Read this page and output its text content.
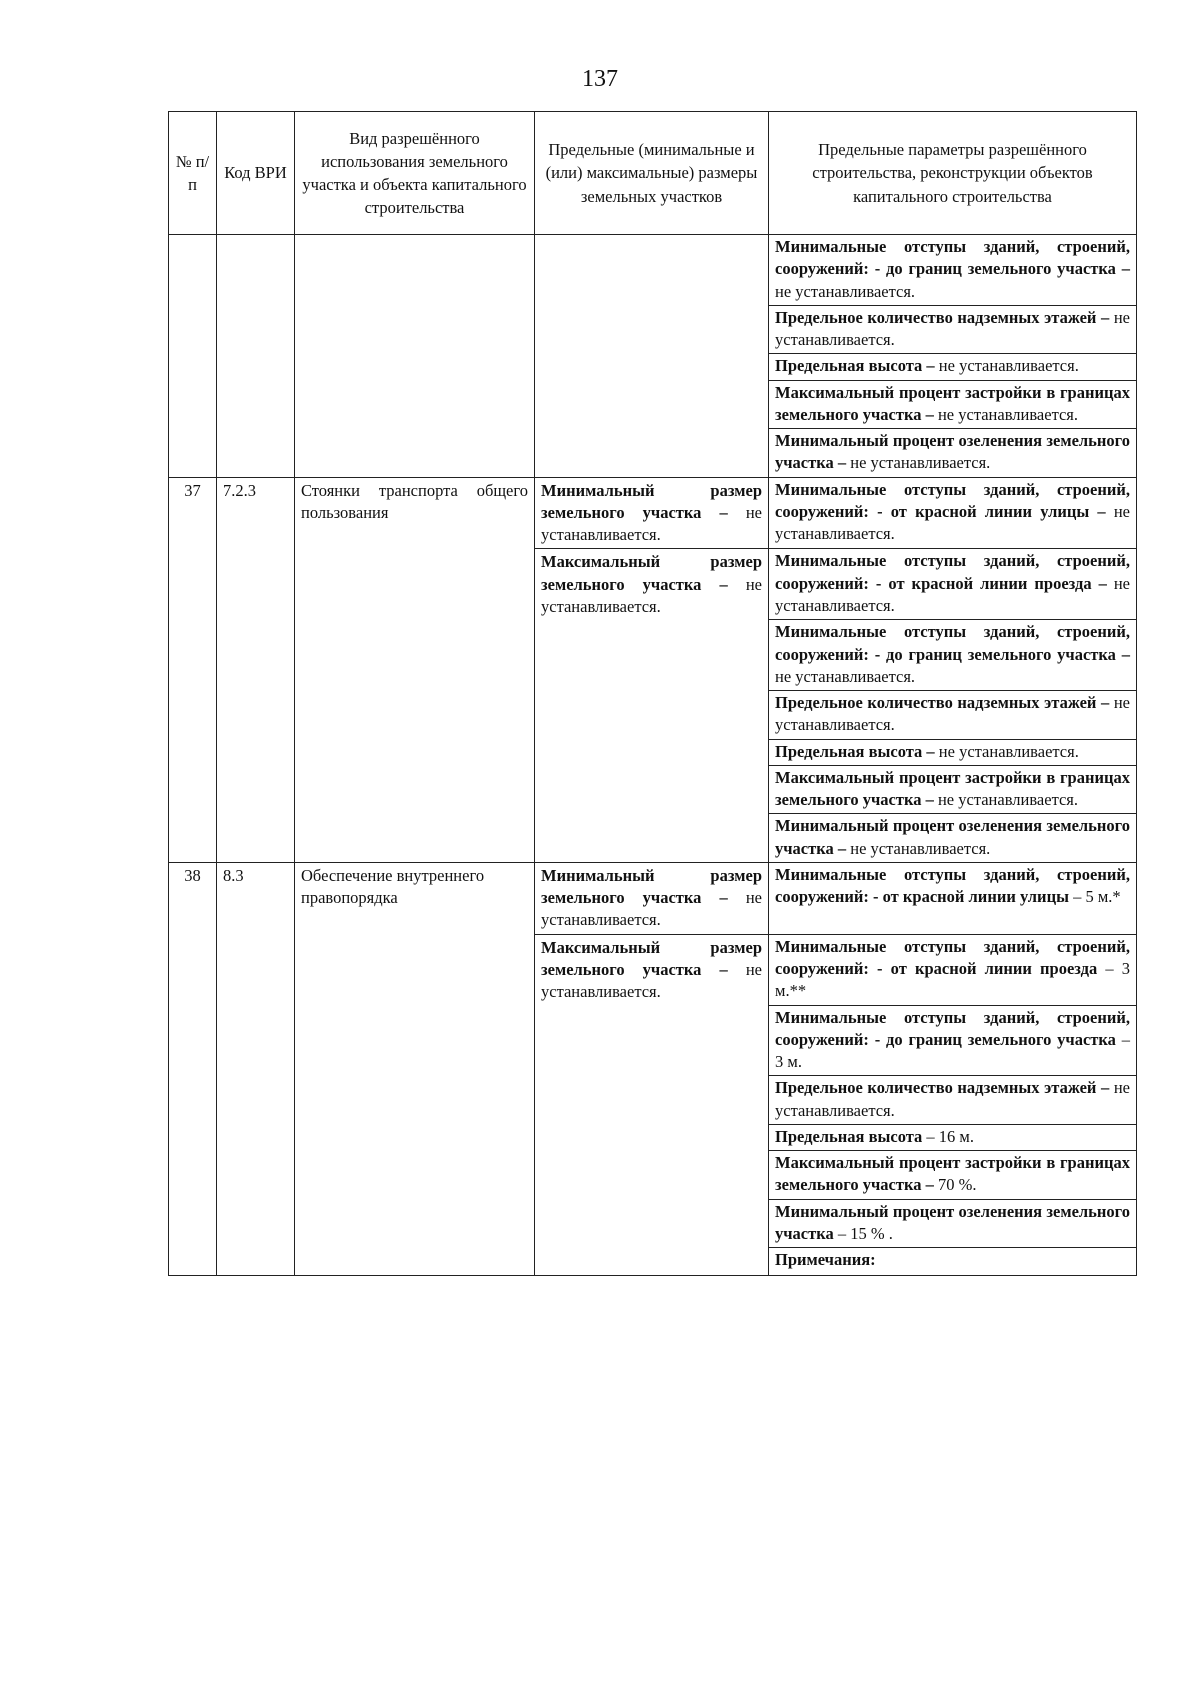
137
№ п/п	Код ВРИ	Вид разрешённого использования земельного участка и объекта капитального строительства	Предельные (минимальные и (или) максимальные) размеры земельных участков	Предельные параметры разрешённого строительства, реконструкции объектов капитального строительства
				Минимальные отступы зданий, строений, сооружений: - до границ земельного участка – не устанавливается.
				Предельное количество надземных этажей – не устанавливается.
				Предельная высота – не устанавливается.
				Максимальный процент застройки в границах земельного участка – не устанавливается.
				Минимальный процент озеленения земельного участка – не устанавливается.
37	7.2.3	Стоянки транспорта общего пользования	Минимальный размер земельного участка – не устанавливается.	Минимальные отступы зданий, строений, сооружений: - от красной линии улицы – не устанавливается.
			Максимальный размер земельного участка – не устанавливается.	Минимальные отступы зданий, строений, сооружений: - от красной линии проезда – не устанавливается.
				Минимальные отступы зданий, строений, сооружений: - до границ земельного участка – не устанавливается.
				Предельное количество надземных этажей – не устанавливается.
				Предельная высота – не устанавливается.
				Максимальный процент застройки в границах земельного участка – не устанавливается.
				Минимальный процент озеленения земельного участка – не устанавливается.
38	8.3	Обеспечение внутреннего правопорядка	Минимальный размер земельного участка – не устанавливается.	Минимальные отступы зданий, строений, сооружений: - от красной линии улицы – 5 м.*
			Максимальный размер земельного участка – не устанавливается.	Минимальные отступы зданий, строений, сооружений: - от красной линии проезда – 3 м.**
				Минимальные отступы зданий, строений, сооружений: - до границ земельного участка – 3 м.
				Предельное количество надземных этажей – не устанавливается.
				Предельная высота – 16 м.
				Максимальный процент застройки в границах земельного участка – 70 %.
				Минимальный процент озеленения земельного участка – 15 % .
				Примечания:
